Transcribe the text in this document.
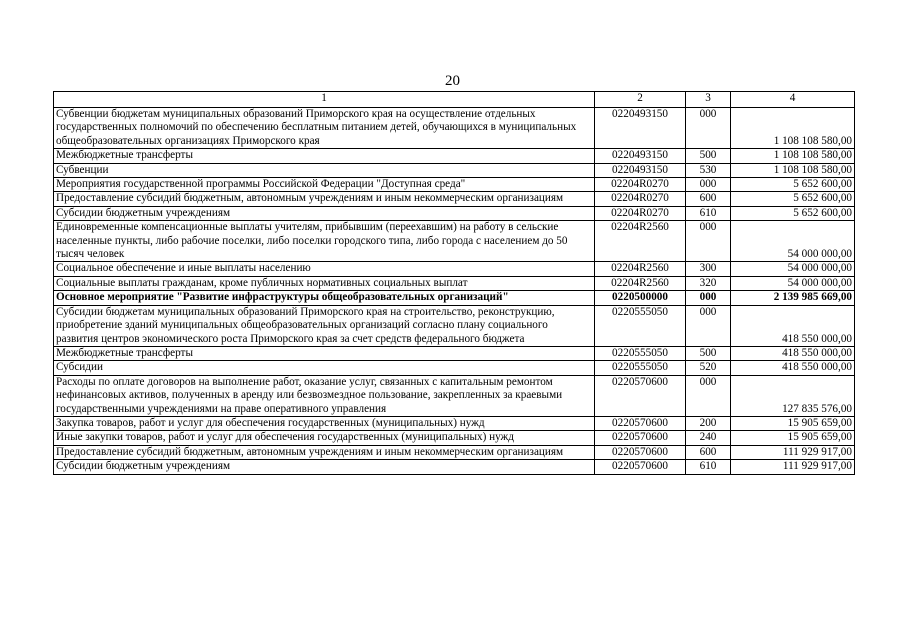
20
1	2	3	4
Субвенции бюджетам муниципальных образований Приморского края на осуществление отдельных государственных полномочий по обеспечению бесплатным питанием детей, обучающихся в муниципальных общеобразовательных организациях Приморского края	0220493150	000	1 108 108 580,00
Межбюджетные трансферты	0220493150	500	1 108 108 580,00
Субвенции	0220493150	530	1 108 108 580,00
Мероприятия государственной программы Российской Федерации "Доступная среда"	02204R0270	000	5 652 600,00
Предоставление субсидий бюджетным, автономным учреждениям и иным некоммерческим организациям	02204R0270	600	5 652 600,00
Субсидии бюджетным учреждениям	02204R0270	610	5 652 600,00
Единовременные компенсационные выплаты учителям, прибывшим (переехавшим) на работу в сельские населенные пункты, либо рабочие поселки, либо поселки городского типа, либо города с населением до 50 тысяч человек	02204R2560	000	54 000 000,00
Социальное обеспечение и иные выплаты населению	02204R2560	300	54 000 000,00
Социальные выплаты гражданам, кроме публичных нормативных социальных выплат	02204R2560	320	54 000 000,00
Основное мероприятие "Развитие инфраструктуры общеобразовательных организаций"	0220500000	000	2 139 985 669,00
Субсидии бюджетам муниципальных образований Приморского края на строительство, реконструкцию, приобретение зданий муниципальных общеобразовательных организаций согласно плану социального развития центров экономического роста Приморского края за счет средств федерального бюджета	0220555050	000	418 550 000,00
Межбюджетные трансферты	0220555050	500	418 550 000,00
Субсидии	0220555050	520	418 550 000,00
Расходы по оплате договоров на выполнение работ, оказание услуг, связанных с капитальным ремонтом нефинансовых активов, полученных в аренду или безвозмездное пользование, закрепленных за краевыми государственными учреждениями на праве оперативного управления	0220570600	000	127 835 576,00
Закупка товаров, работ и услуг для обеспечения государственных (муниципальных) нужд	0220570600	200	15 905 659,00
Иные закупки товаров, работ и услуг для обеспечения государственных (муниципальных) нужд	0220570600	240	15 905 659,00
Предоставление субсидий бюджетным, автономным учреждениям и иным некоммерческим организациям	0220570600	600	111 929 917,00
Субсидии бюджетным учреждениям	0220570600	610	111 929 917,00
